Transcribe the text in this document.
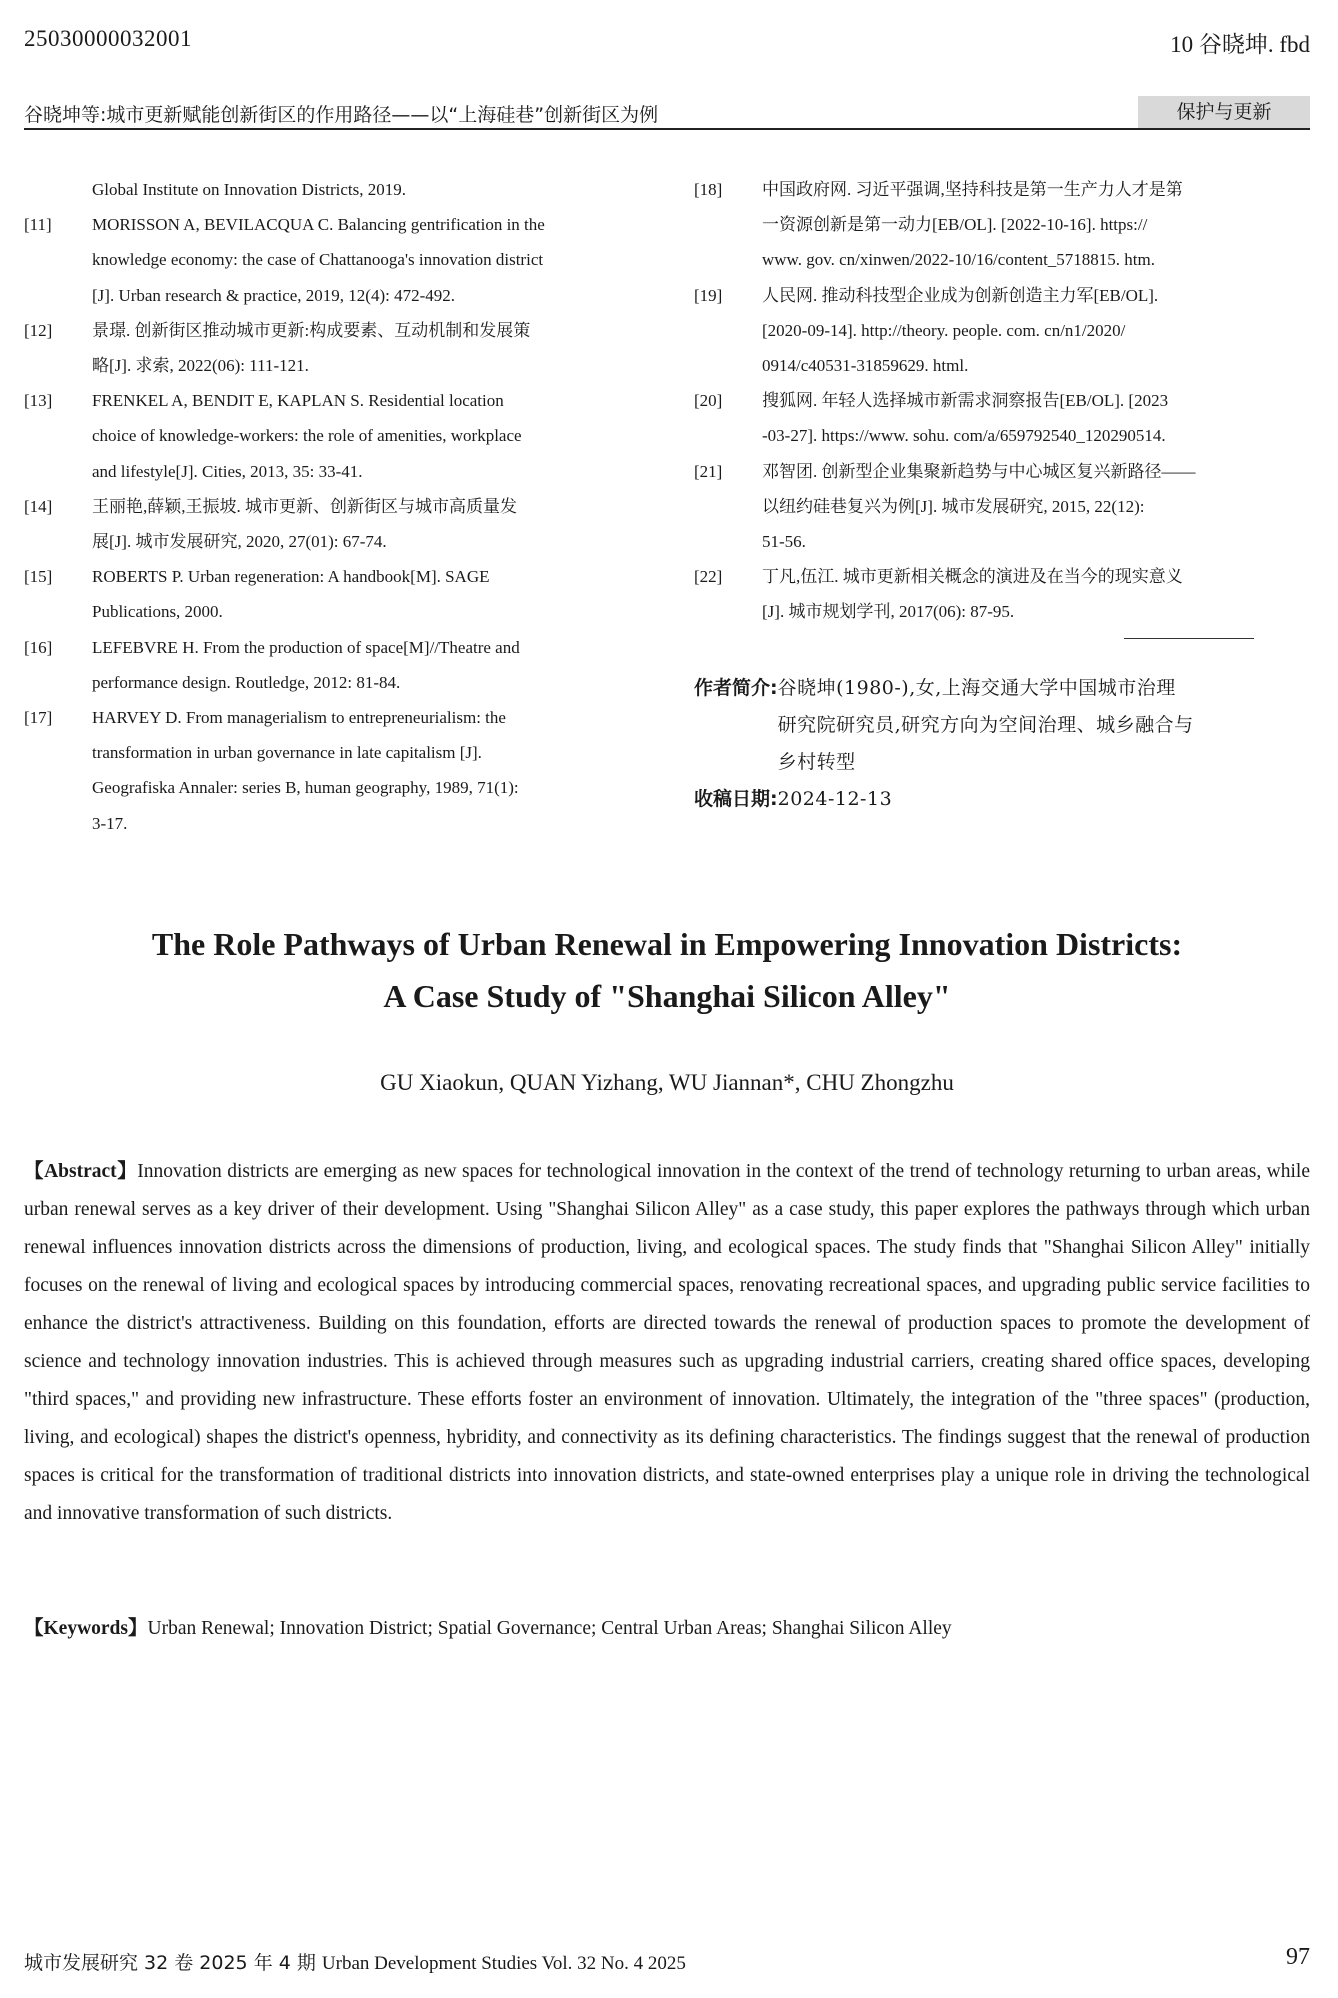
25030000032001	10 谷晓坤. fbd
谷晓坤等:城市更新赋能创新街区的作用路径——以“上海硅巷”创新街区为例	保护与更新
Global Institute on Innovation Districts, 2019.
[11]	MORISSON A, BEVILACQUA C. Balancing gentrification in the
knowledge economy: the case of Chattanooga's innovation district
[J]. Urban research & practice, 2019, 12(4): 472-492.
[12]	景璟. 创新街区推动城市更新:构成要素、互动机制和发展策
略[J]. 求索, 2022(06): 111-121.
[13]	FRENKEL A, BENDIT E, KAPLAN S. Residential location
choice of knowledge-workers: the role of amenities, workplace
and lifestyle[J]. Cities, 2013, 35: 33-41.
[14]	王丽艳,薛颖,王振坡. 城市更新、创新街区与城市高质量发
展[J]. 城市发展研究, 2020, 27(01): 67-74.
[15]	ROBERTS P. Urban regeneration: A handbook[M]. SAGE
Publications, 2000.
[16]	LEFEBVRE H. From the production of space[M]//Theatre and
performance design. Routledge, 2012: 81-84.
[17]	HARVEY D. From managerialism to entrepreneurialism: the
transformation in urban governance in late capitalism [J].
Geografiska Annaler: series B, human geography, 1989, 71(1):
3-17.
[18]	中国政府网. 习近平强调,坚持科技是第一生产力人才是第
一资源创新是第一动力[EB/OL]. [2022-10-16]. https://
www. gov. cn/xinwen/2022-10/16/content_5718815. htm.
[19]	人民网. 推动科技型企业成为创新创造主力军[EB/OL].
[2020-09-14]. http://theory. people. com. cn/n1/2020/
0914/c40531-31859629. html.
[20]	搜狐网. 年轻人选择城市新需求洞察报告[EB/OL]. [2023
-03-27]. https://www. sohu. com/a/659792540_120290514.
[21]	邓智团. 创新型企业集聚新趋势与中心城区复兴新路径——
以纽约硅巷复兴为例[J]. 城市发展研究, 2015, 22(12):
51-56.
[22]	丁凡,伍江. 城市更新相关概念的演进及在当今的现实意义
[J]. 城市规划学刊, 2017(06): 87-95.
作者简介: 谷晓坤(1980-),女,上海交通大学中国城市治理
研究院研究员,研究方向为空间治理、城乡融合与
乡村转型
收稿日期: 2024-12-13
The Role Pathways of Urban Renewal in Empowering Innovation Districts:
A Case Study of "Shanghai Silicon Alley"
GU Xiaokun, QUAN Yizhang, WU Jiannan*, CHU Zhongzhu
【Abstract】Innovation districts are emerging as new spaces for technological innovation in the context of the trend of technology returning to urban areas, while urban renewal serves as a key driver of their development. Using "Shanghai Silicon Alley" as a case study, this paper explores the pathways through which urban renewal influences innovation districts across the dimensions of production, living, and ecological spaces. The study finds that "Shanghai Silicon Alley" initially focuses on the renewal of living and ecological spaces by introducing commercial spaces, renovating recreational spaces, and upgrading public service facilities to enhance the district's attractiveness. Building on this foundation, efforts are directed towards the renewal of production spaces to promote the development of science and technology innovation industries. This is achieved through measures such as upgrading industrial carriers, creating shared office spaces, developing "third spaces," and providing new infrastructure. These efforts foster an environment of innovation. Ultimately, the integration of the "three spaces" (production, living, and ecological) shapes the district's openness, hybridity, and connectivity as its defining characteristics. The findings suggest that the renewal of production spaces is critical for the transformation of traditional districts into innovation districts, and state-owned enterprises play a unique role in driving the technological and innovative transformation of such districts.
【Keywords】Urban Renewal; Innovation District; Spatial Governance; Central Urban Areas; Shanghai Silicon Alley
城市发展研究 32 卷 2025 年 4 期 Urban Development Studies Vol. 32 No. 4 2025	97
